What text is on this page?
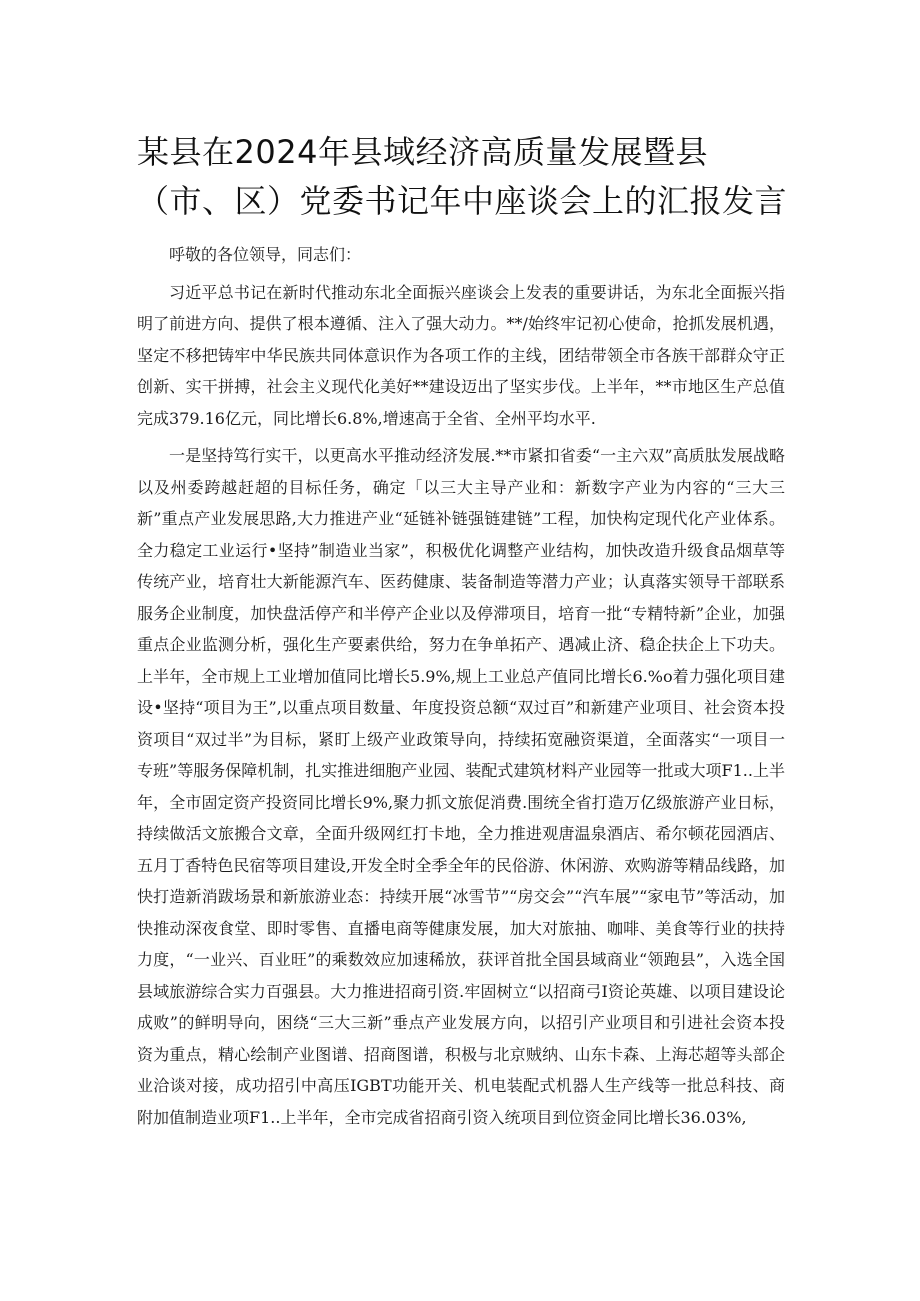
某县在2024年县域经济高质量发展暨县（市、区）党委书记年中座谈会上的汇报发言

呼敬的各位领导，同志们：

习近平总书记在新时代推动东北全面振兴座谈会上发表的重要讲话，为东北全面振兴指明了前进方向、提供了根本遵循、注入了强大动力。**/始终牢记初心使命，抢抓发展机遇，坚定不移把铸牢中华民族共同体意识作为各项工作的主线，团结带领全市各族干部群众守正创新、实干拼搏，社会主义现代化美好**建设迈出了坚实步伐。上半年，**市地区生产总值完成379.16亿元，同比增长6.8%,增速高于全省、全州平均水平.

一是坚持笃行实干，以更高水平推动经济发展.**市紧扣省委“一主六双”高质肽发展战略以及州委跨越赶超的目标任务，确定「以三大主导产业和：新数字产业为内容的“三大三新”重点产业发展思路,大力推进产业“延链补链强链建链”工程，加快构定现代化产业体系。全力稳定工业运行•坚持”制造业当家”，积极优化调整产业结构，加快改造升级食品烟草等传统产业，培育壮大新能源汽车、医药健康、装备制造等潜力产业；认真落实领导干部联系服务企业制度，加快盘活停产和半停产企业以及停滞项目，培育一批“专精特新”企业，加强重点企业监测分析，强化生产要素供给，努力在争单拓产、遇减止济、稳企扶企上下功夫。上半年，全市规上工业增加值同比增长5.9%,规上工业总产值同比增长6.%o着力强化项目建设•坚持“项目为王”,以重点项目数量、年度投资总额“双过百”和新建产业项目、社会资本投资项目“双过半”为目标，紧盯上级产业政策导向，持续拓宽融资渠道，全面落实“一项目一专班”等服务保障机制，扎实推进细胞产业园、装配式建筑材料产业园等一批或大项F1..上半年，全市固定资产投资同比增长9%,聚力抓文旅促消费.围统全省打造万亿级旅游产业日标，持续做活文旅搬合文章，全面升级网红打卡地，全力推进观唐温泉酒店、希尔顿花园酒店、五月丁香特色民宿等项目建设,开发全时全季全年的民俗游、休闲游、欢购游等精品线路，加快打造新消跋场景和新旅游业态：持续开展“冰雪节”“房交会”“汽车展”“家电节”等活动，加快推动深夜食堂、即时零售、直播电商等健康发展，加大对旅抽、咖啡、美食等行业的扶持力度，“一业兴、百业旺”的乘数效应加速稀放，获评首批全国县域商业“领跑县”，入选全国县域旅游综合实力百强县。大力推进招商引资.牢固树立“以招商弓I资论英雄、以项目建设论成败”的鲜明导向，困绕“三大三新”垂点产业发展方向，以招引产业项目和引进社会资本投资为重点，精心绘制产业图谱、招商图谱，积极与北京贼纳、山东卡森、上海芯超等头部企业洽谈对接，成功招引中高压IGBT功能开关、机电装配式机器人生产线等一批总科技、商附加值制造业项F1..上半年，全市完成省招商引资入统项目到位资金同比增长36.03%,
